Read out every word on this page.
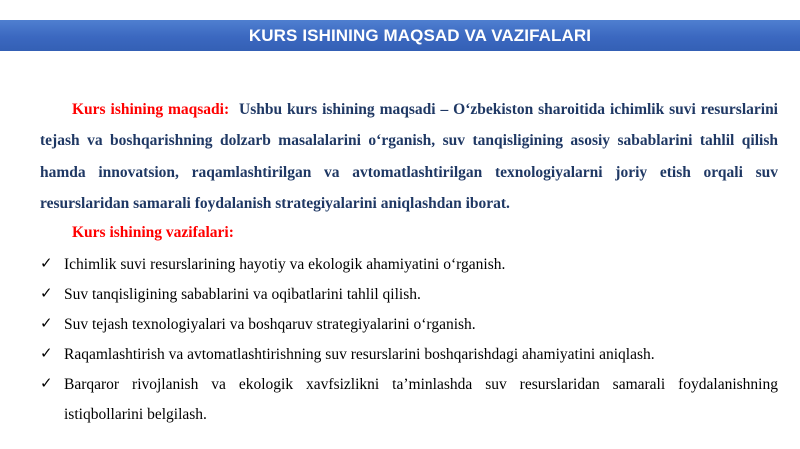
KURS ISHINING MAQSAD VA VAZIFALARI

Kurs ishining maqsadi: Ushbu kurs ishining maqsadi – O‘zbekiston sharoitida ichimlik suvi resurslarini tejash va boshqarishning dolzarb masalalarini o‘rganish, suv tanqisligining asosiy sabablarini tahlil qilish hamda innovatsion, raqamlashtirilgan va avtomatlashtirilgan texnologiyalarni joriy etish orqali suv resurslaridan samarali foydalanish strategiyalarini aniqlashdan iborat.

Kurs ishining vazifalari:
✓ Ichimlik suvi resurslarining hayotiy va ekologik ahamiyatini o‘rganish.
✓ Suv tanqisligining sabablarini va oqibatlarini tahlil qilish.
✓ Suv tejash texnologiyalari va boshqaruv strategiyalarini o‘rganish.
✓ Raqamlashtirish va avtomatlashtirishning suv resurslarini boshqarishdagi ahamiyatini aniqlash.
✓ Barqaror rivojlanish va ekologik xavfsizlikni ta’minlashda suv resurslaridan samarali foydalanishning istiqbollarini belgilash.
